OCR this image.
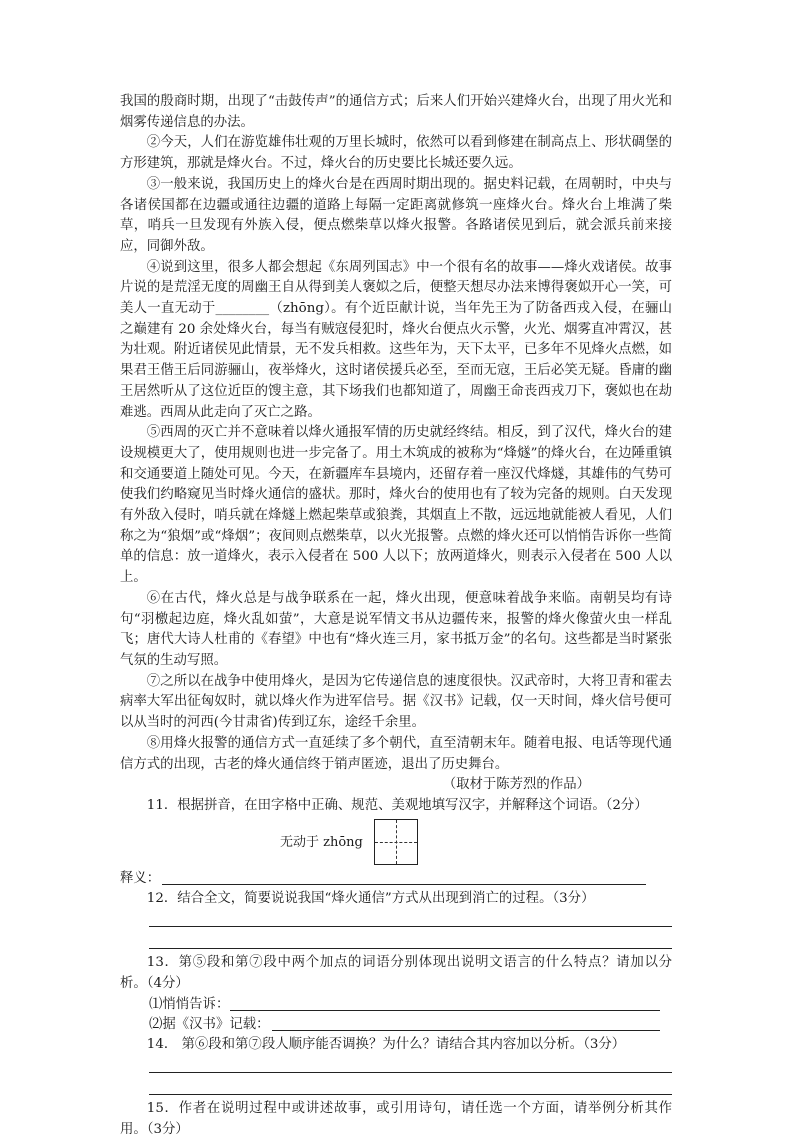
我国的殷商时期，出现了“击鼓传声”的通信方式；后来人们开始兴建烽火台，出现了用火光和烟雾传递信息的办法。

②今天，人们在游览雄伟壮观的万里长城时，依然可以看到修建在制高点上、形状碉堡的方形建筑，那就是烽火台。不过，烽火台的历史要比长城还要久远。

③一般来说，我国历史上的烽火台是在西周时期出现的。据史料记载，在周朝时，中央与各诸侯国都在边疆或通往边疆的道路上每隔一定距离就修筑一座烽火台。烽火台上堆满了柴草，哨兵一旦发现有外族入侵，便点燃柴草以烽火报警。各路诸侯见到后，就会派兵前来接应，同御外敌。

④说到这里，很多人都会想起《东周列国志》中一个很有名的故事——烽火戏诸侯。故事片说的是荒淫无度的周幽王自从得到美人褒姒之后，便整天想尽办法来博得褒姒开心一笑，可美人一直无动于________（zhōng）。有个近臣献计说，当年先王为了防备西戎入侵，在骊山之巅建有 20 余处烽火台，每当有贼寇侵犯时，烽火台便点火示警，火光、烟雾直冲霄汉，甚为壮观。附近诸侯见此情景，无不发兵相救。这些年为，天下太平，已多年不见烽火点燃，如果君王偕王后同游骊山，夜举烽火，这时诸侯援兵必至，至而无寇，王后必笑无疑。昏庸的幽王居然听从了这位近臣的馊主意，其下场我们也都知道了，周幽王命丧西戎刀下，褒姒也在劫难逃。西周从此走向了灭亡之路。

⑤西周的灭亡并不意味着以烽火通报军情的历史就经终结。相反，到了汉代，烽火台的建设规模更大了，使用规则也进一步完备了。用土木筑成的被称为“烽燧”的烽火台，在边陲重镇和交通要道上随处可见。今天，在新疆库车县境内，还留存着一座汉代烽燧，其雄伟的气势可使我们约略窥见当时烽火通信的盛状。那时，烽火台的使用也有了较为完备的规则。白天发现有外敌入侵时，哨兵就在烽燧上燃起柴草或狼粪，其烟直上不散，远远地就能被人看见，人们称之为“狼烟”或“烽烟”；夜间则点燃柴草，以火光报警。点燃的烽火还可以悄悄告诉你一些简单的信息：放一道烽火，表示入侵者在 500 人以下；放两道烽火，则表示入侵者在 500 人以上。

⑥在古代，烽火总是与战争联系在一起，烽火出现，便意味着战争来临。南朝吴均有诗句“羽檄起边庭，烽火乱如萤”，大意是说军情文书从边疆传来，报警的烽火像萤火虫一样乱飞；唐代大诗人杜甫的《春望》中也有“烽火连三月，家书抵万金”的名句。这些都是当时紧张气氛的生动写照。

⑦之所以在战争中使用烽火，是因为它传递信息的速度很快。汉武帝时，大将卫青和霍去病率大军出征匈奴时，就以烽火作为进军信号。据《汉书》记载，仅一天时间，烽火信号便可以从当时的河西(今甘肃省)传到辽东，途经千余里。

⑧用烽火报警的通信方式一直延续了多个朝代，直至清朝末年。随着电报、电话等现代通信方式的出现，古老的烽火通信终于销声匿迹，退出了历史舞台。

（取材于陈芳烈的作品）

11．根据拼音，在田字格中正确、规范、美观地填写汉字，并解释这个词语。（2分）

无动于 zhōng
释义：

12．结合全文，简要说说我国“烽火通信”方式从出现到消亡的过程。（3分）

13．第⑤段和第⑦段中两个加点的词语分别体现出说明文语言的什么特点？请加以分析。（4分）

⑴悄悄告诉：
⑵据《汉书》记载：

14． 第⑥段和第⑦段人顺序能否调换？为什么？请结合其内容加以分析。（3分）

15．作者在说明过程中或讲述故事，或引用诗句，请任选一个方面，请举例分析其作用。（3分）
